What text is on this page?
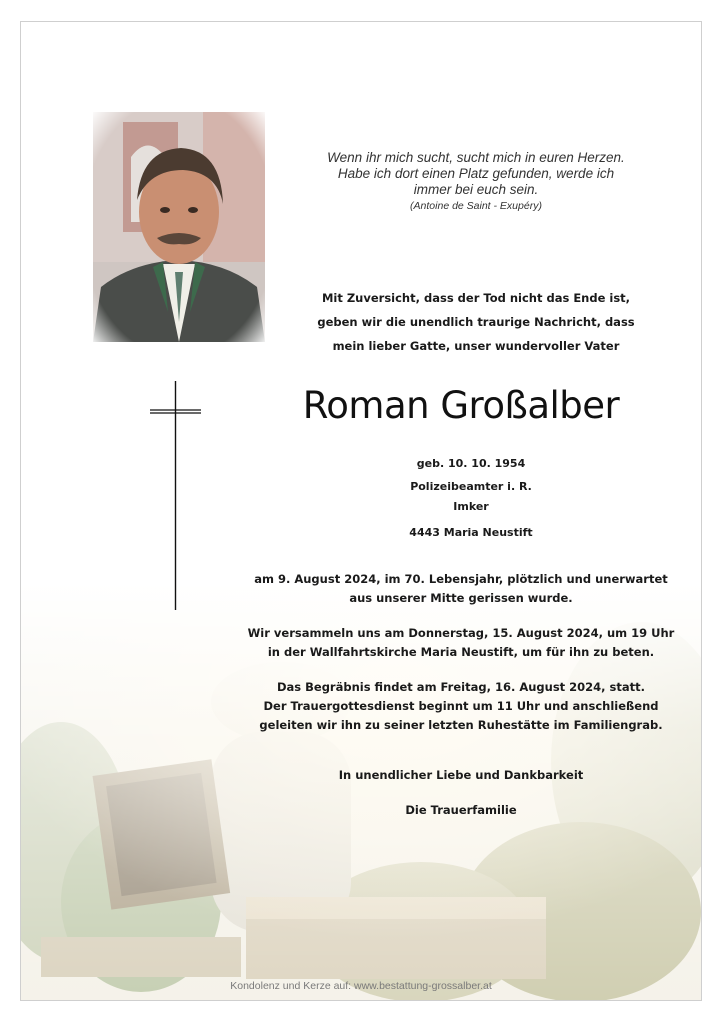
Wenn ihr mich sucht, sucht mich in euren Herzen.
Habe ich dort einen Platz gefunden, werde ich
immer bei euch sein.
(Antoine de Saint - Exupéry)
Mit Zuversicht, dass der Tod nicht das Ende ist,
geben wir die unendlich traurige Nachricht, dass
mein lieber Gatte, unser wundervoller Vater
Roman Großalber
geb. 10. 10. 1954
Polizeibeamter i. R.
Imker
4443 Maria Neustift
am 9. August 2024, im 70. Lebensjahr, plötzlich und unerwartet
aus unserer Mitte gerissen wurde.
Wir versammeln uns am Donnerstag, 15. August 2024, um 19 Uhr
in der Wallfahrtskirche Maria Neustift, um für ihn zu beten.
Das Begräbnis findet am Freitag, 16. August 2024, statt.
Der Trauergottesdienst beginnt um 11 Uhr und anschließend
geleiten wir ihn zu seiner letzten Ruhestätte im Familiengrab.
In unendlicher Liebe und Dankbarkeit
Die Trauerfamilie
Kondolenz und Kerze auf: www.bestattung-grossalber.at
